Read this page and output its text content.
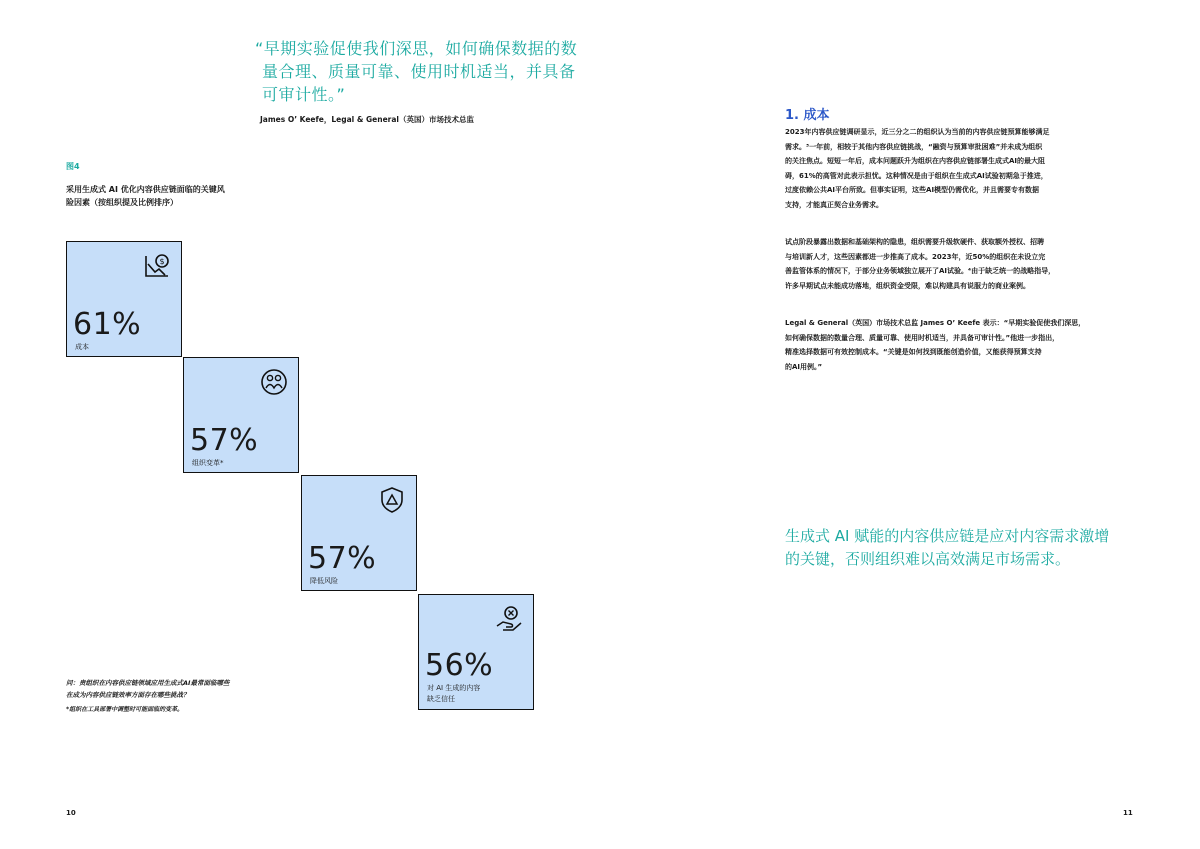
“早期实验促使我们深思，如何确保数据的数
量合理、质量可靠、使用时机适当，并具备
可审计性。”
James O’ Keefe，Legal & General（英国）市场技术总监
图4
采用生成式 AI 优化内容供应链面临的关键风
险因素（按组织提及比例排序）
$
61%
成本
57%
组织变革*
57%
降低风险
56%
对 AI 生成的内容
缺乏信任
问：贵组织在内容供应链领域应用生成式AI最常面临哪些
在成为内容供应链效率方面存在哪些挑战？
*组织在工具部署中调整时可能面临的变革。
10
1. 成本
2023年内容供应链调研显示，近三分之二的组织认为当前的内容供应链预算能够满足
需求。³一年前，相较于其他内容供应链挑战，“融资与预算审批困难”并未成为组织
的关注焦点。短短一年后，成本问题跃升为组织在内容供应链部署生成式AI的最大阻
碍，61%的高管对此表示担忧。这种情况是由于组织在生成式AI试验初期急于推进，
过度依赖公共AI平台所致。但事实证明，这些AI模型仍需优化，并且需要专有数据
支持，才能真正契合业务需求。
试点阶段暴露出数据和基础架构的隐患，组织需要升级软硬件、获取额外授权、招聘
与培训新人才，这些因素都进一步推高了成本。2023年，近50%的组织在未设立完
善监管体系的情况下，于部分业务领域独立展开了AI试验。⁴由于缺乏统一的战略指导，
许多早期试点未能成功落地，组织资金受限，难以构建具有说服力的商业案例。
Legal & General（英国）市场技术总监 James O’ Keefe 表示：“早期实验促使我们深思，
如何确保数据的数量合理、质量可靠、使用时机适当，并具备可审计性。”他进一步指出，
精准选择数据可有效控制成本。“关键是如何找到既能创造价值，又能获得预算支持
的AI用例。”
生成式 AI 赋能的内容供应链是应对内容需求激增
的关键，否则组织难以高效满足市场需求。
11
